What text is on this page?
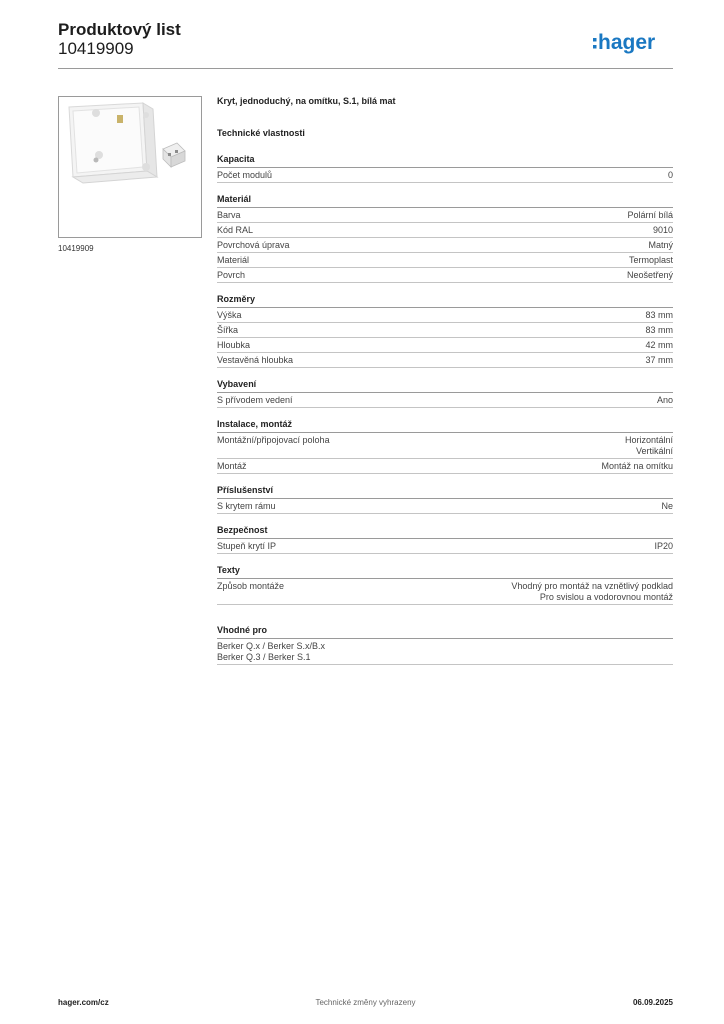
Produktový list
10419909	hager
10419909
Kryt, jednoduchý, na omítku, S.1, bílá mat
Technické vlastnosti
Kapacita
Počet modulů	0
Materiál
Barva	Polární bílá
Kód RAL	9010
Povrchová úprava	Matný
Materiál	Termoplast
Povrch	Neošetřený
Rozměry
Výška	83 mm
Šířka	83 mm
Hloubka	42 mm
Vestavěná hloubka	37 mm
Vybavení
S přívodem vedení	Ano
Instalace, montáž
Montážní/připojovací poloha	Horizontální
Vertikální
Montáž	Montáž na omítku
Příslušenství
S krytem rámu	Ne
Bezpečnost
Stupeň krytí IP	IP20
Texty
Způsob montáže	Vhodný pro montáž na vznětlivý podklad
Pro svislou a vodorovnou montáž
Vhodné pro
Berker Q.x / Berker S.x/B.x
Berker Q.3 / Berker S.1
hager.com/cz	Technické změny vyhrazeny	06.09.2025
